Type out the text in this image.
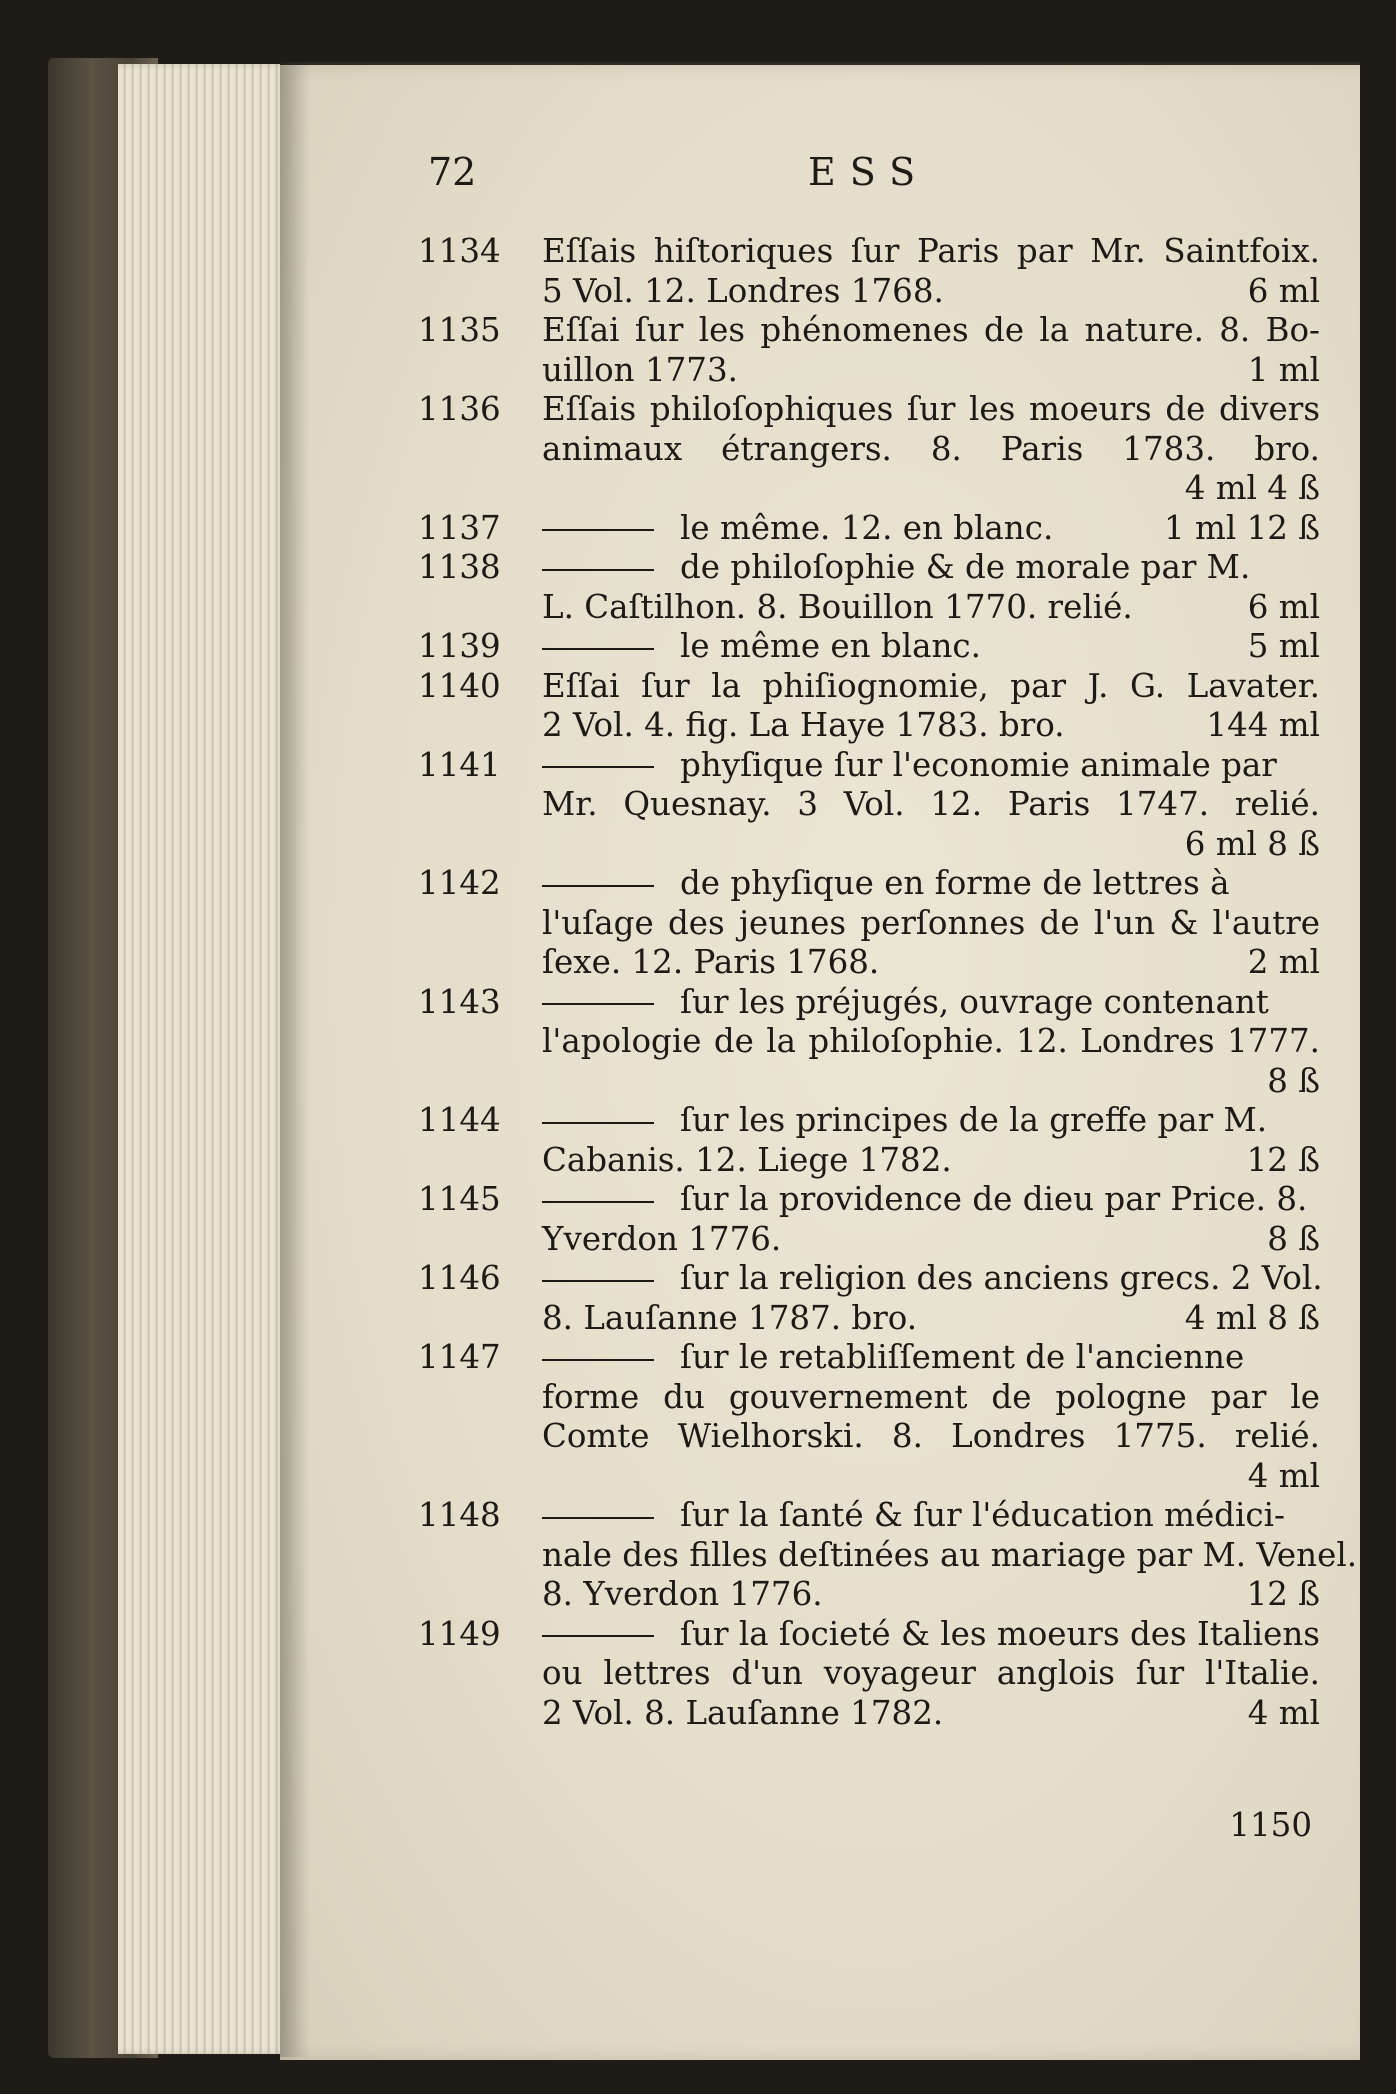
72	ESS
1134	Eſſais hiſtoriques ſur Paris par Mr. Saintfoix.
5 Vol. 12. Londres 1768.	6 ml
1135	Eſſai ſur les phénomenes de la nature. 8. Bo-
uillon 1773.	1 ml
1136	Eſſais philoſophiques ſur les moeurs de divers
animaux étrangers. 8. Paris 1783. bro.
4 ml 4 ß
1137	le même. 12. en blanc.	1 ml 12 ß
1138	de philoſophie & de morale par M.
L. Caſtilhon. 8. Bouillon 1770. relié.	6 ml
1139	le même en blanc.	5 ml
1140	Eſſai ſur la phiſiognomie, par J. G. Lavater.
2 Vol. 4. fig. La Haye 1783. bro.	144 ml
1141	phyſique ſur l'economie animale par
Mr. Quesnay. 3 Vol. 12. Paris 1747. relié.
6 ml 8 ß
1142	de phyſique en forme de lettres à
l'uſage des jeunes perſonnes de l'un & l'autre
ſexe. 12. Paris 1768.	2 ml
1143	ſur les préjugés, ouvrage contenant
l'apologie de la philoſophie. 12. Londres 1777.
8 ß
1144	ſur les principes de la greffe par M.
Cabanis. 12. Liege 1782.	12 ß
1145	ſur la providence de dieu par Price. 8.
Yverdon 1776.	8 ß
1146	ſur la religion des anciens grecs. 2 Vol.
8. Lauſanne 1787. bro.	4 ml 8 ß
1147	ſur le retabliſſement de l'ancienne
forme du gouvernement de pologne par le
Comte Wielhorski. 8. Londres 1775. relié.
4 ml
1148	ſur la ſanté & ſur l'éducation médici-
nale des filles deſtinées au mariage par M. Venel.
8. Yverdon 1776.	12 ß
1149	ſur la ſocieté & les moeurs des Italiens
ou lettres d'un voyageur anglois ſur l'Italie.
2 Vol. 8. Lauſanne 1782.	4 ml
1150
